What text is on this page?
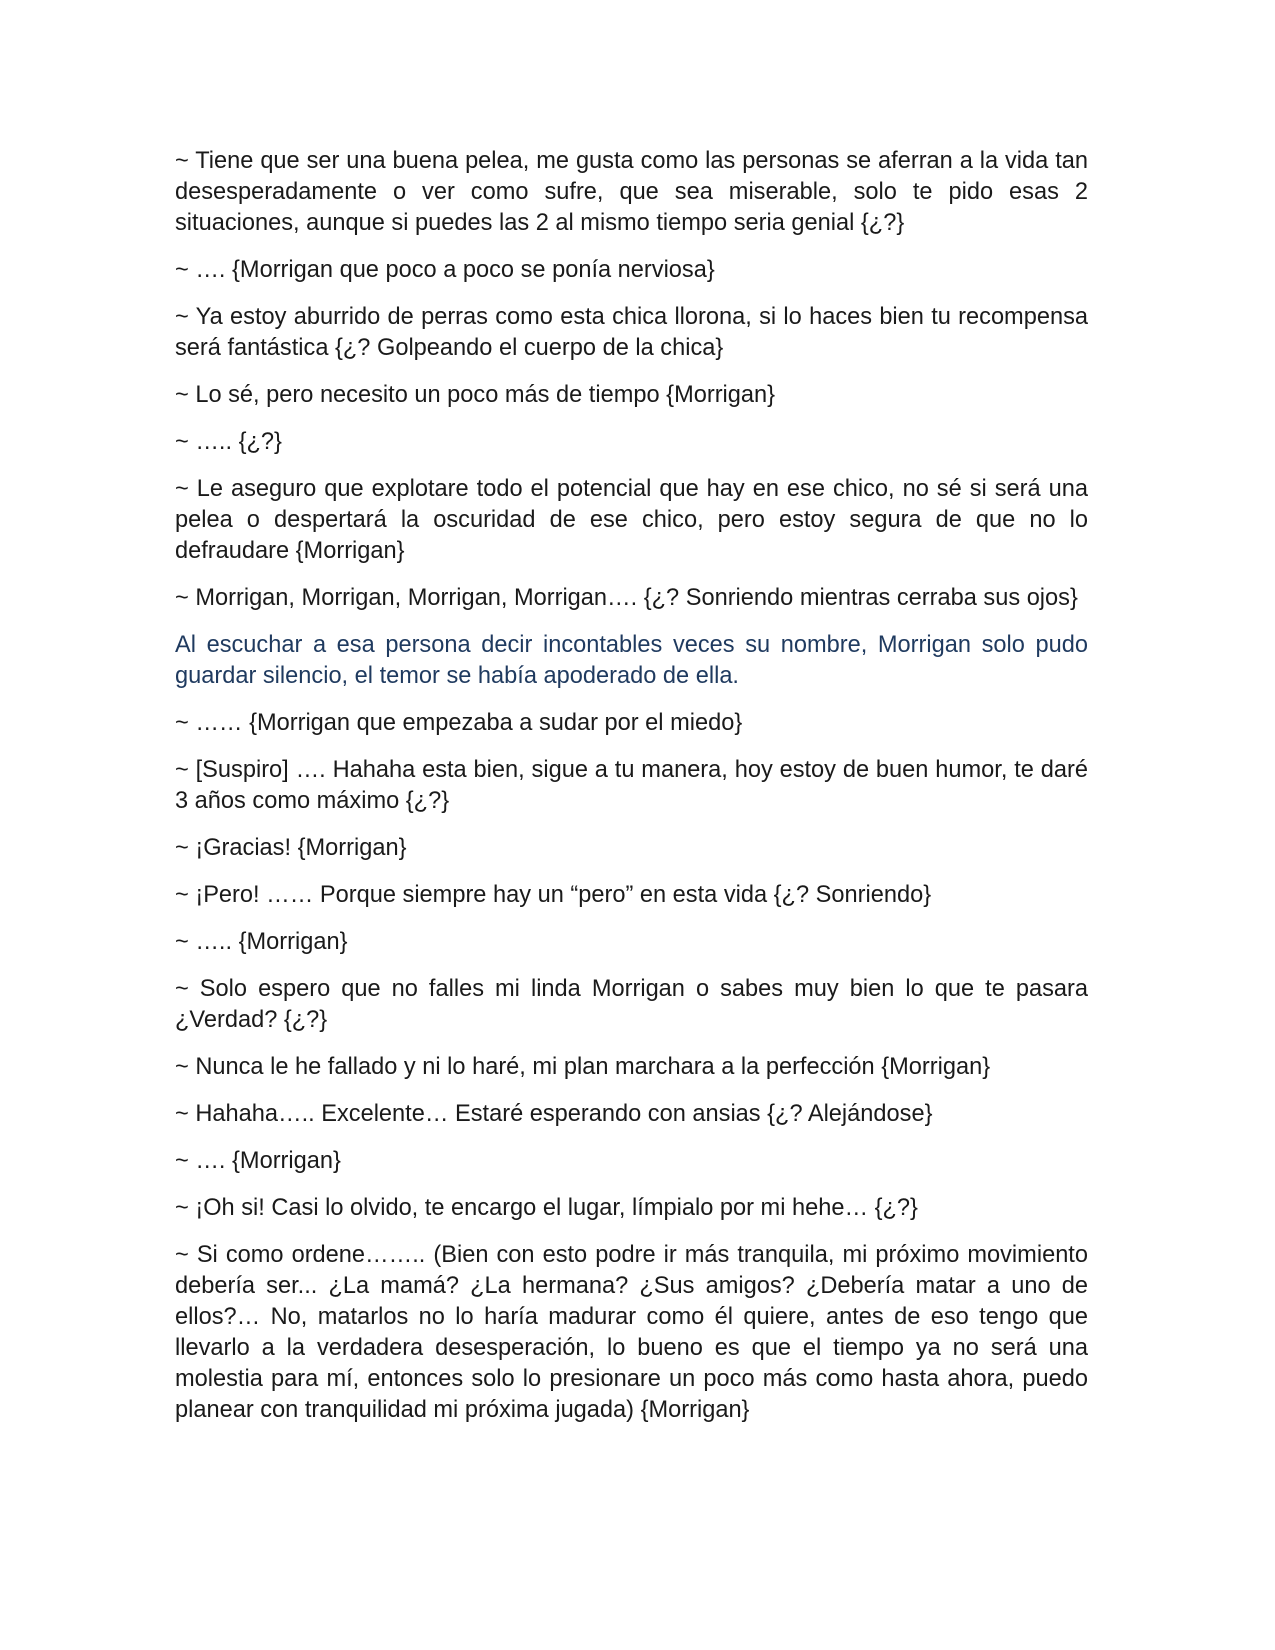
~ Tiene que ser una buena pelea, me gusta como las personas se aferran a la vida tan desesperadamente o ver como sufre, que sea miserable, solo te pido esas 2 situaciones, aunque si puedes las 2 al mismo tiempo seria genial {¿?}

~ …. {Morrigan que poco a poco se ponía nerviosa}

~ Ya estoy aburrido de perras como esta chica llorona, si lo haces bien tu recompensa será fantástica {¿? Golpeando el cuerpo de la chica}

~ Lo sé, pero necesito un poco más de tiempo {Morrigan}

~ ….. {¿?}

~ Le aseguro que explotare todo el potencial que hay en ese chico, no sé si será una pelea o despertará la oscuridad de ese chico, pero estoy segura de que no lo defraudare {Morrigan}

~ Morrigan, Morrigan, Morrigan, Morrigan…. {¿? Sonriendo mientras cerraba sus ojos}

Al escuchar a esa persona decir incontables veces su nombre, Morrigan solo pudo guardar silencio, el temor se había apoderado de ella.

~ …… {Morrigan que empezaba a sudar por el miedo}

~ [Suspiro] …. Hahaha esta bien, sigue a tu manera, hoy estoy de buen humor, te daré 3 años como máximo {¿?}

~ ¡Gracias! {Morrigan}

~ ¡Pero! …… Porque siempre hay un “pero” en esta vida {¿? Sonriendo}

~ ….. {Morrigan}

~ Solo espero que no falles mi linda Morrigan o sabes muy bien lo que te pasara ¿Verdad? {¿?}

~ Nunca le he fallado y ni lo haré, mi plan marchara a la perfección {Morrigan}

~ Hahaha….. Excelente… Estaré esperando con ansias {¿? Alejándose}

~ …. {Morrigan}

~ ¡Oh si! Casi lo olvido, te encargo el lugar, límpialo por mi hehe… {¿?}

~ Si como ordene…….. (Bien con esto podre ir más tranquila, mi próximo movimiento debería ser... ¿La mamá? ¿La hermana? ¿Sus amigos? ¿Debería matar a uno de ellos?… No, matarlos no lo haría madurar como él quiere, antes de eso tengo que llevarlo a la verdadera desesperación, lo bueno es que el tiempo ya no será una molestia para mí, entonces solo lo presionare un poco más como hasta ahora, puedo planear con tranquilidad mi próxima jugada) {Morrigan}
